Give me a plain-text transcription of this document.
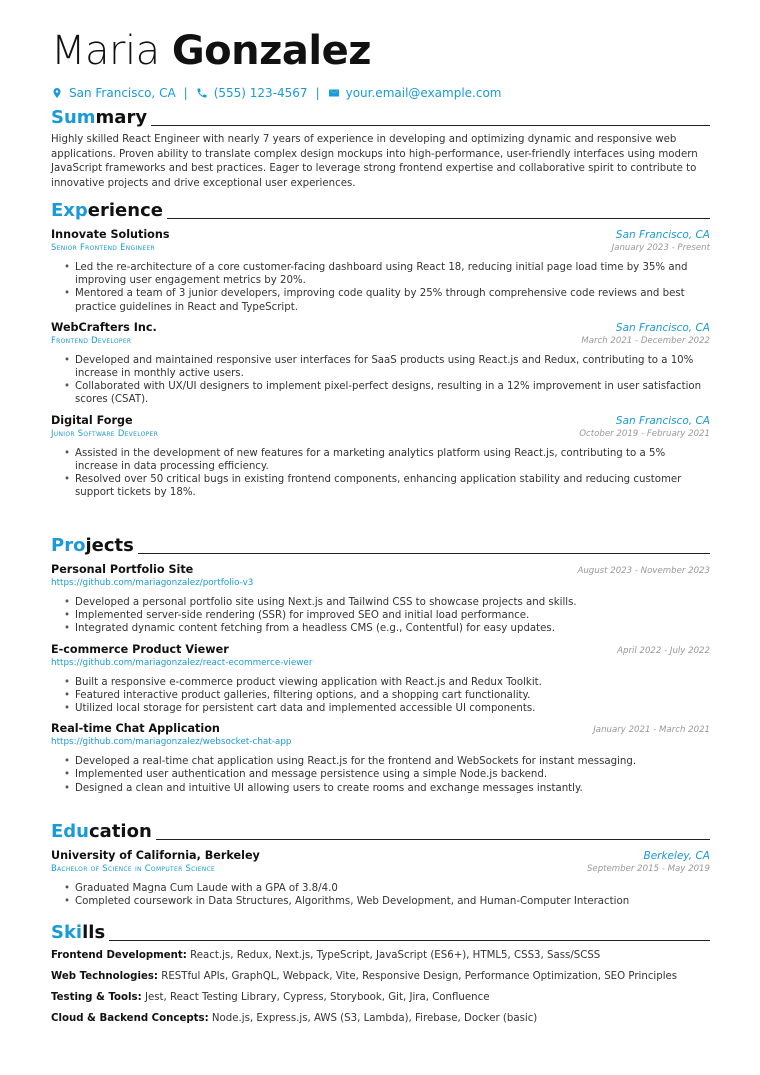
Maria Gonzalez
San Francisco, CA | (555) 123-4567 | your.email@example.com
Summary
Highly skilled React Engineer with nearly 7 years of experience in developing and optimizing dynamic and responsive web applications. Proven ability to translate complex design mockups into high-performance, user-friendly interfaces using modern JavaScript frameworks and best practices. Eager to leverage strong frontend expertise and collaborative spirit to contribute to innovative projects and drive exceptional user experiences.
Experience
Innovate Solutions	San Francisco, CA
Senior Frontend Engineer	January 2023 - Present
• Led the re-architecture of a core customer-facing dashboard using React 18, reducing initial page load time by 35% and improving user engagement metrics by 20%.
• Mentored a team of 3 junior developers, improving code quality by 25% through comprehensive code reviews and best practice guidelines in React and TypeScript.
WebCrafters Inc.	San Francisco, CA
Frontend Developer	March 2021 - December 2022
• Developed and maintained responsive user interfaces for SaaS products using React.js and Redux, contributing to a 10% increase in monthly active users.
• Collaborated with UX/UI designers to implement pixel-perfect designs, resulting in a 12% improvement in user satisfaction scores (CSAT).
Digital Forge	San Francisco, CA
Junior Software Developer	October 2019 - February 2021
• Assisted in the development of new features for a marketing analytics platform using React.js, contributing to a 5% increase in data processing efficiency.
• Resolved over 50 critical bugs in existing frontend components, enhancing application stability and reducing customer support tickets by 18%.
Projects
Personal Portfolio Site	August 2023 - November 2023
https://github.com/mariagonzalez/portfolio-v3
• Developed a personal portfolio site using Next.js and Tailwind CSS to showcase projects and skills.
• Implemented server-side rendering (SSR) for improved SEO and initial load performance.
• Integrated dynamic content fetching from a headless CMS (e.g., Contentful) for easy updates.
E-commerce Product Viewer	April 2022 - July 2022
https://github.com/mariagonzalez/react-ecommerce-viewer
• Built a responsive e-commerce product viewing application with React.js and Redux Toolkit.
• Featured interactive product galleries, filtering options, and a shopping cart functionality.
• Utilized local storage for persistent cart data and implemented accessible UI components.
Real-time Chat Application	January 2021 - March 2021
https://github.com/mariagonzalez/websocket-chat-app
• Developed a real-time chat application using React.js for the frontend and WebSockets for instant messaging.
• Implemented user authentication and message persistence using a simple Node.js backend.
• Designed a clean and intuitive UI allowing users to create rooms and exchange messages instantly.
Education
University of California, Berkeley	Berkeley, CA
Bachelor of Science in Computer Science	September 2015 - May 2019
• Graduated Magna Cum Laude with a GPA of 3.8/4.0
• Completed coursework in Data Structures, Algorithms, Web Development, and Human-Computer Interaction
Skills
Frontend Development: React.js, Redux, Next.js, TypeScript, JavaScript (ES6+), HTML5, CSS3, Sass/SCSS
Web Technologies: RESTful APIs, GraphQL, Webpack, Vite, Responsive Design, Performance Optimization, SEO Principles
Testing & Tools: Jest, React Testing Library, Cypress, Storybook, Git, Jira, Confluence
Cloud & Backend Concepts: Node.js, Express.js, AWS (S3, Lambda), Firebase, Docker (basic)
